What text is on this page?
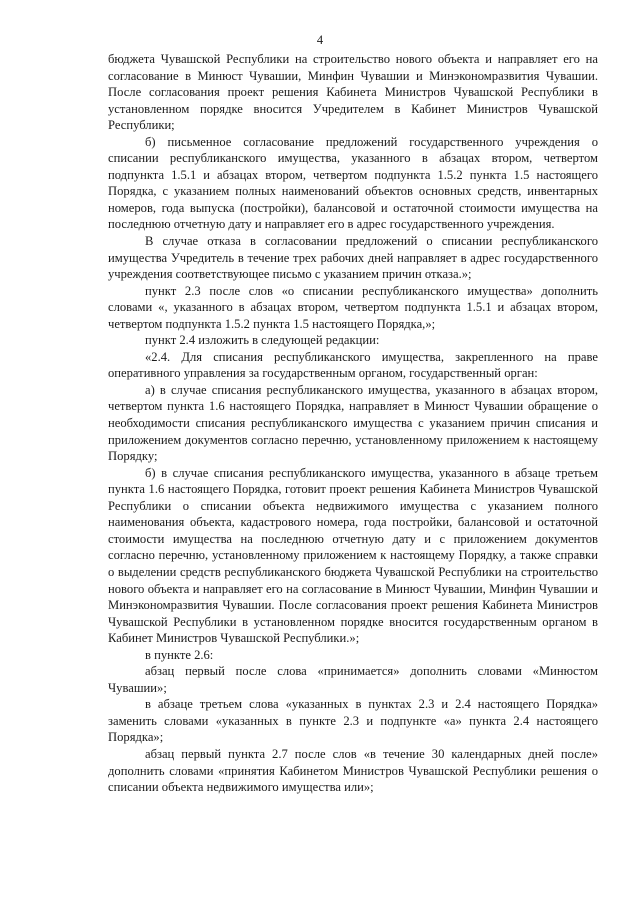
4

бюджета Чувашской Республики на строительство нового объекта и направляет его на согласование в Минюст Чувашии, Минфин Чувашии и Минэкономразвития Чувашии. После согласования проект решения Кабинета Министров Чувашской Республики в установленном порядке вносится Учредителем в Кабинет Министров Чувашской Республики;

б) письменное согласование предложений государственного учреждения о списании республиканского имущества, указанного в абзацах втором, четвертом подпункта 1.5.1 и абзацах втором, четвертом подпункта 1.5.2 пункта 1.5 настоящего Порядка, с указанием полных наименований объектов основных средств, инвентарных номеров, года выпуска (постройки), балансовой и остаточной стоимости имущества на последнюю отчетную дату и направляет его в адрес государственного учреждения.

В случае отказа в согласовании предложений о списании республиканского имущества Учредитель в течение трех рабочих дней направляет в адрес государственного учреждения соответствующее письмо с указанием причин отказа.»;

пункт 2.3 после слов «о списании республиканского имущества» дополнить словами «, указанного в абзацах втором, четвертом подпункта 1.5.1 и абзацах втором, четвертом подпункта 1.5.2 пункта 1.5 настоящего Порядка,»;

пункт 2.4 изложить в следующей редакции:

«2.4. Для списания республиканского имущества, закрепленного на праве оперативного управления за государственным органом, государственный орган:

а) в случае списания республиканского имущества, указанного в абзацах втором, четвертом пункта 1.6 настоящего Порядка, направляет в Минюст Чувашии обращение о необходимости списания республиканского имущества с указанием причин списания и приложением документов согласно перечню, установленному приложением к настоящему Порядку;

б) в случае списания республиканского имущества, указанного в абзаце третьем пункта 1.6 настоящего Порядка, готовит проект решения Кабинета Министров Чувашской Республики о списании объекта недвижимого имущества с указанием полного наименования объекта, кадастрового номера, года постройки, балансовой и остаточной стоимости имущества на последнюю отчетную дату и с приложением документов согласно перечню, установленному приложением к настоящему Порядку, а также справки о выделении средств республиканского бюджета Чувашской Республики на строительство нового объекта и направляет его на согласование в Минюст Чувашии, Минфин Чувашии и Минэкономразвития Чувашии. После согласования проект решения Кабинета Министров Чувашской Республики в установленном порядке вносится государственным органом в Кабинет Министров Чувашской Республики.»;

в пункте 2.6:

абзац первый после слова «принимается» дополнить словами «Минюстом Чувашии»;

в абзаце третьем слова «указанных в пунктах 2.3 и 2.4 настоящего Порядка» заменить словами «указанных в пункте 2.3 и подпункте «а» пункта 2.4 настоящего Порядка»;

абзац первый пункта 2.7 после слов «в течение 30 календарных дней после» дополнить словами «принятия Кабинетом Министров Чувашской Республики решения о списании объекта недвижимого имущества или»;
